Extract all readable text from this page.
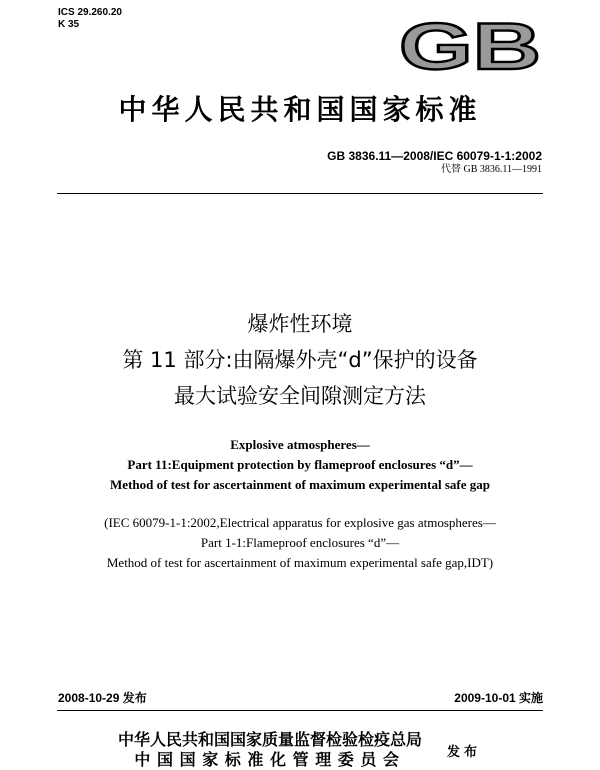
ICS 29.260.20
K 35	GB
中华人民共和国国家标准
GB 3836.11—2008/IEC 60079-1-1:2002
代替 GB 3836.11—1991
爆炸性环境
第 11 部分:由隔爆外壳“d”保护的设备
最大试验安全间隙测定方法
Explosive atmospheres—
Part 11:Equipment protection by flameproof enclosures “d”—
Method of test for ascertainment of maximum experimental safe gap
(IEC 60079-1-1:2002,Electrical apparatus for explosive gas atmospheres—
Part 1-1:Flameproof enclosures “d”—
Method of test for ascertainment of maximum experimental safe gap,IDT)
2008-10-29 发布	2009-10-01 实施
中华人民共和国国家质量监督检验检疫总局
中国国家标准化管理委员会	发布
